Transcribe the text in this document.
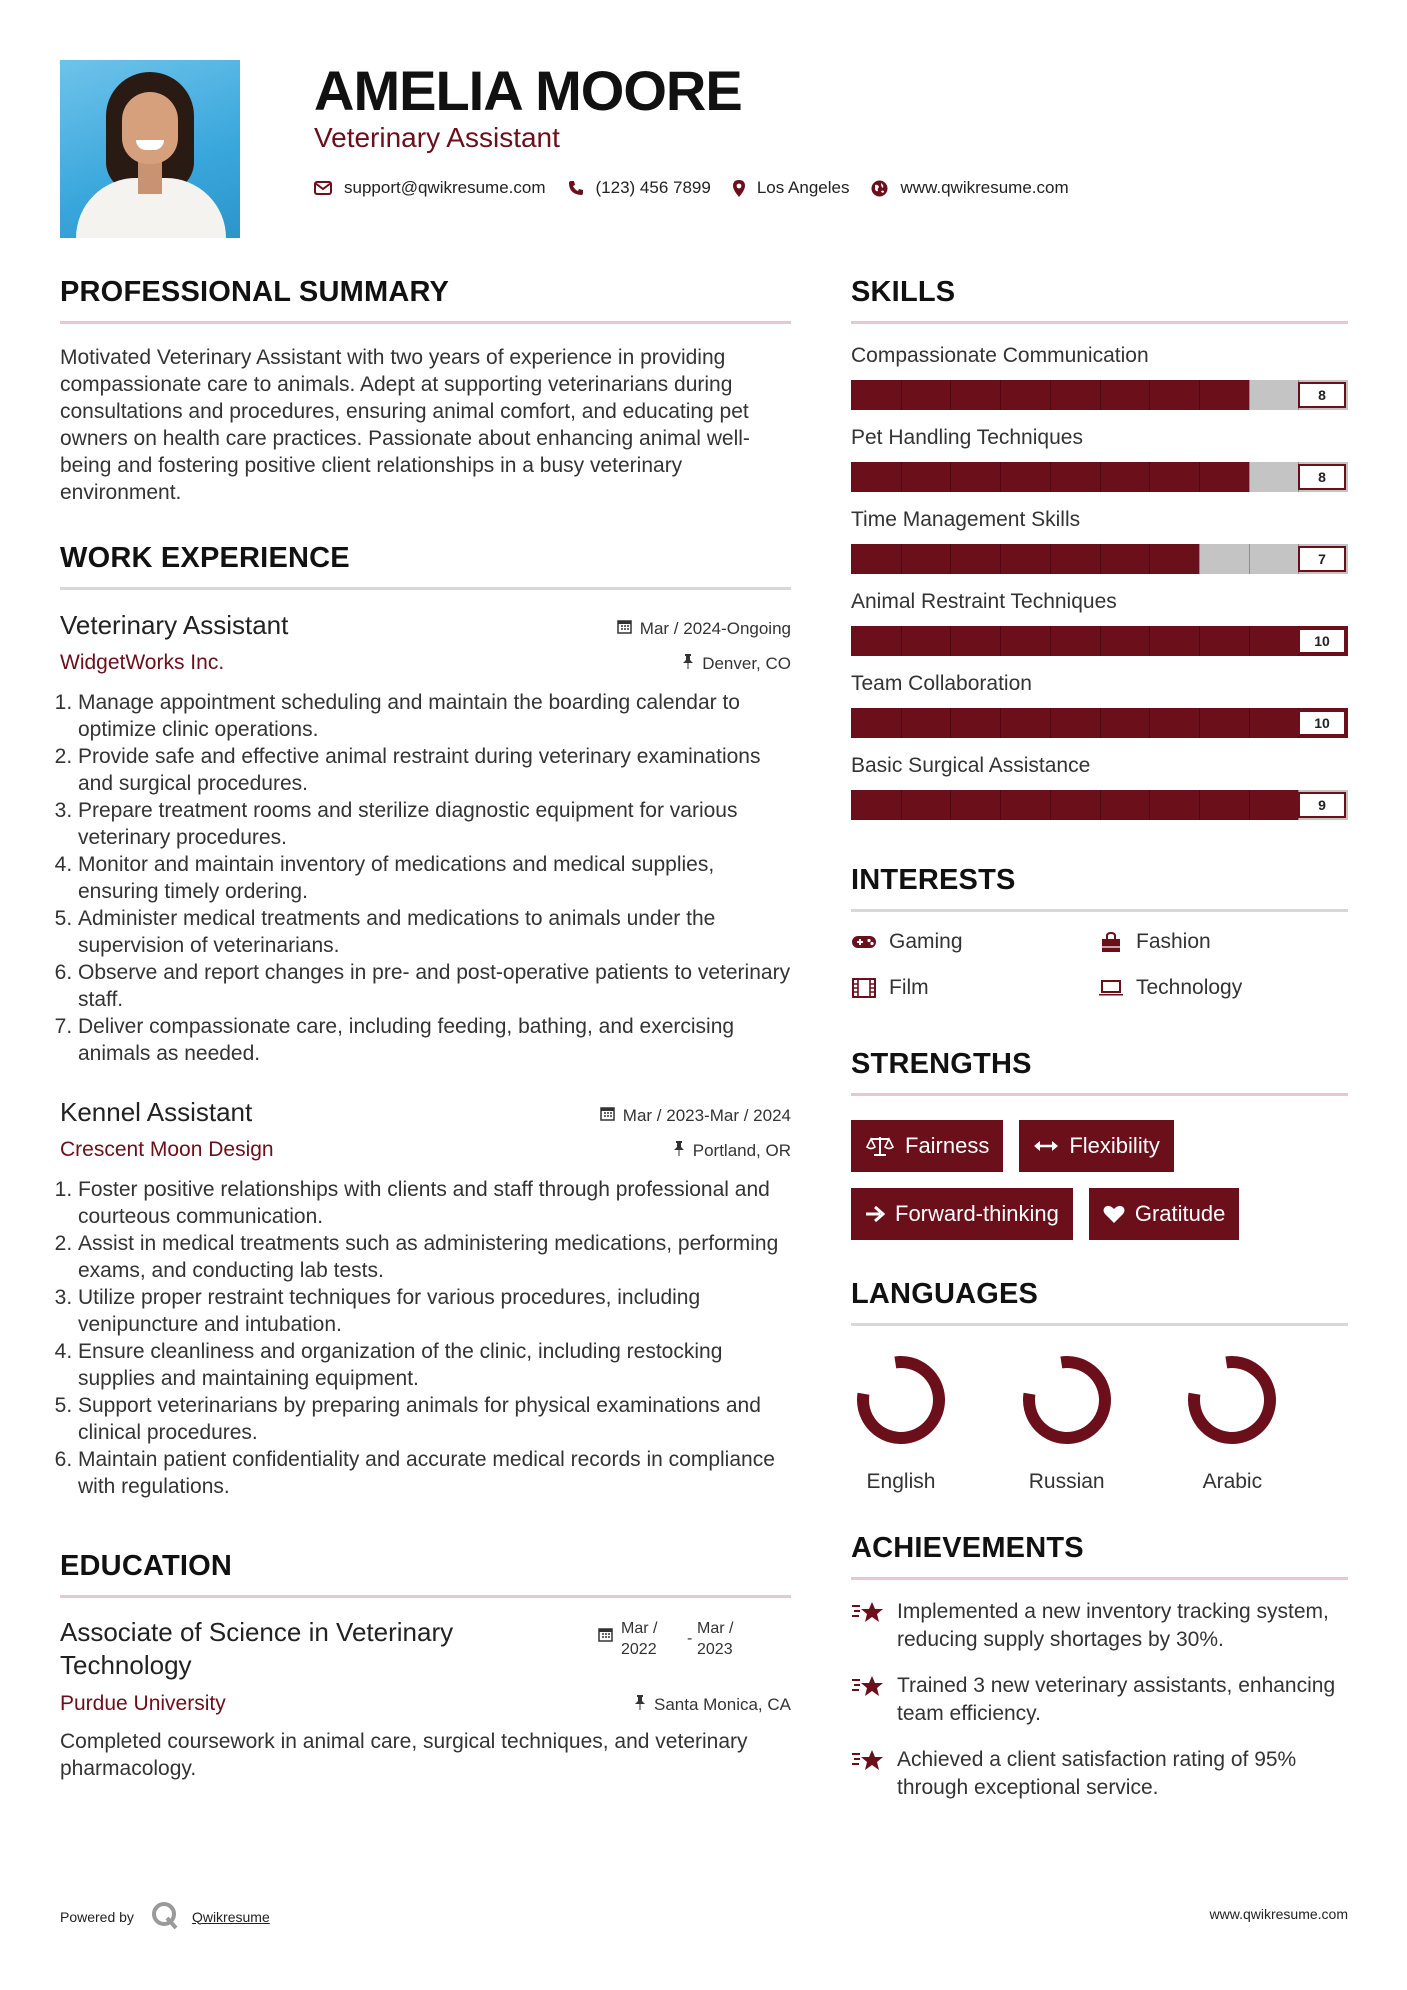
AMELIA MOORE
Veterinary Assistant
support@qwikresume.com	(123) 456 7899	Los Angeles	www.qwikresume.com
PROFESSIONAL SUMMARY
Motivated Veterinary Assistant with two years of experience in providing compassionate care to animals. Adept at supporting veterinarians during consultations and procedures, ensuring animal comfort, and educating pet owners on health care practices. Passionate about enhancing animal well-being and fostering positive client relationships in a busy veterinary environment.
WORK EXPERIENCE
Veterinary Assistant	Mar / 2024-Ongoing
WidgetWorks Inc.	Denver, CO
1. Manage appointment scheduling and maintain the boarding calendar to optimize clinic operations.
2. Provide safe and effective animal restraint during veterinary examinations and surgical procedures.
3. Prepare treatment rooms and sterilize diagnostic equipment for various veterinary procedures.
4. Monitor and maintain inventory of medications and medical supplies, ensuring timely ordering.
5. Administer medical treatments and medications to animals under the supervision of veterinarians.
6. Observe and report changes in pre- and post-operative patients to veterinary staff.
7. Deliver compassionate care, including feeding, bathing, and exercising animals as needed.
Kennel Assistant	Mar / 2023-Mar / 2024
Crescent Moon Design	Portland, OR
1. Foster positive relationships with clients and staff through professional and courteous communication.
2. Assist in medical treatments such as administering medications, performing exams, and conducting lab tests.
3. Utilize proper restraint techniques for various procedures, including venipuncture and intubation.
4. Ensure cleanliness and organization of the clinic, including restocking supplies and maintaining equipment.
5. Support veterinarians by preparing animals for physical examinations and clinical procedures.
6. Maintain patient confidentiality and accurate medical records in compliance with regulations.
EDUCATION
Associate of Science in Veterinary Technology
Mar /
2022
-
Mar /
2023
Purdue University	Santa Monica, CA
Completed coursework in animal care, surgical techniques, and veterinary pharmacology.
SKILLS
Compassionate Communication
8
Pet Handling Techniques
8
Time Management Skills
7
Animal Restraint Techniques
10
Team Collaboration
10
Basic Surgical Assistance
9
INTERESTS
Gaming	Fashion
Film	Technology
STRENGTHS
Fairness	Flexibility
Forward-thinking	Gratitude
LANGUAGES
English	Russian	Arabic
ACHIEVEMENTS
Implemented a new inventory tracking system, reducing supply shortages by 30%.
Trained 3 new veterinary assistants, enhancing team efficiency.
Achieved a client satisfaction rating of 95% through exceptional service.
Powered by	Qwikresume	www.qwikresume.com
